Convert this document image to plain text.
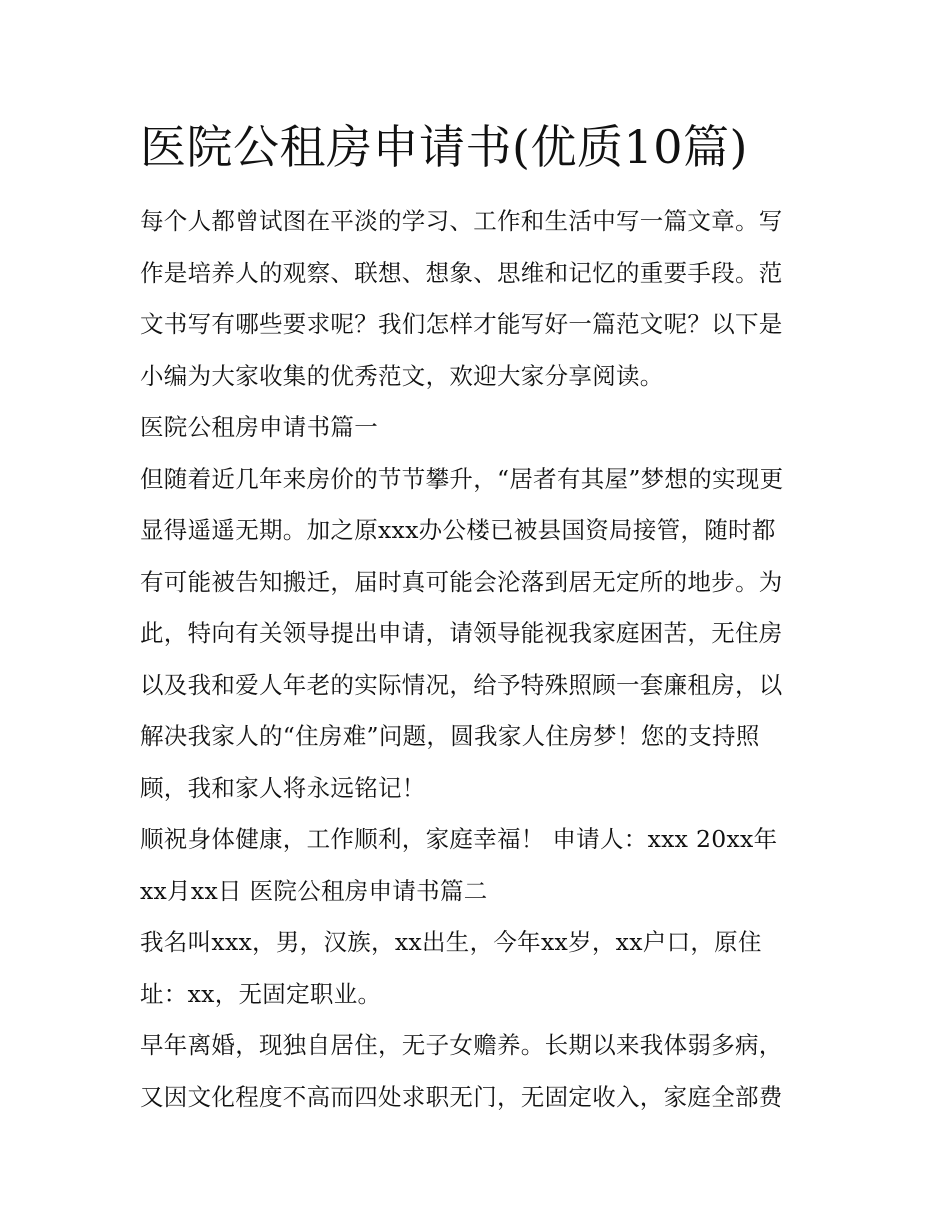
医院公租房申请书(优质10篇)
每个人都曾试图在平淡的学习、工作和生活中写一篇文章。写
作是培养人的观察、联想、想象、思维和记忆的重要手段。范
文书写有哪些要求呢？我们怎样才能写好一篇范文呢？以下是
小编为大家收集的优秀范文，欢迎大家分享阅读。
医院公租房申请书篇一
但随着近几年来房价的节节攀升，“居者有其屋”梦想的实现更
显得遥遥无期。加之原xxx办公楼已被县国资局接管，随时都
有可能被告知搬迁，届时真可能会沦落到居无定所的地步。为
此，特向有关领导提出申请，请领导能视我家庭困苦，无住房
以及我和爱人年老的实际情况，给予特殊照顾一套廉租房，以
解决我家人的“住房难”问题，圆我家人住房梦！您的支持照
顾，我和家人将永远铭记！
顺祝身体健康，工作顺利，家庭幸福！ 申请人：xxx 20xx年
xx月xx日 医院公租房申请书篇二
我名叫xxx，男，汉族，xx出生，今年xx岁，xx户口，原住
址：xx，无固定职业。
早年离婚，现独自居住，无子女赡养。长期以来我体弱多病，
又因文化程度不高而四处求职无门，无固定收入，家庭全部费
